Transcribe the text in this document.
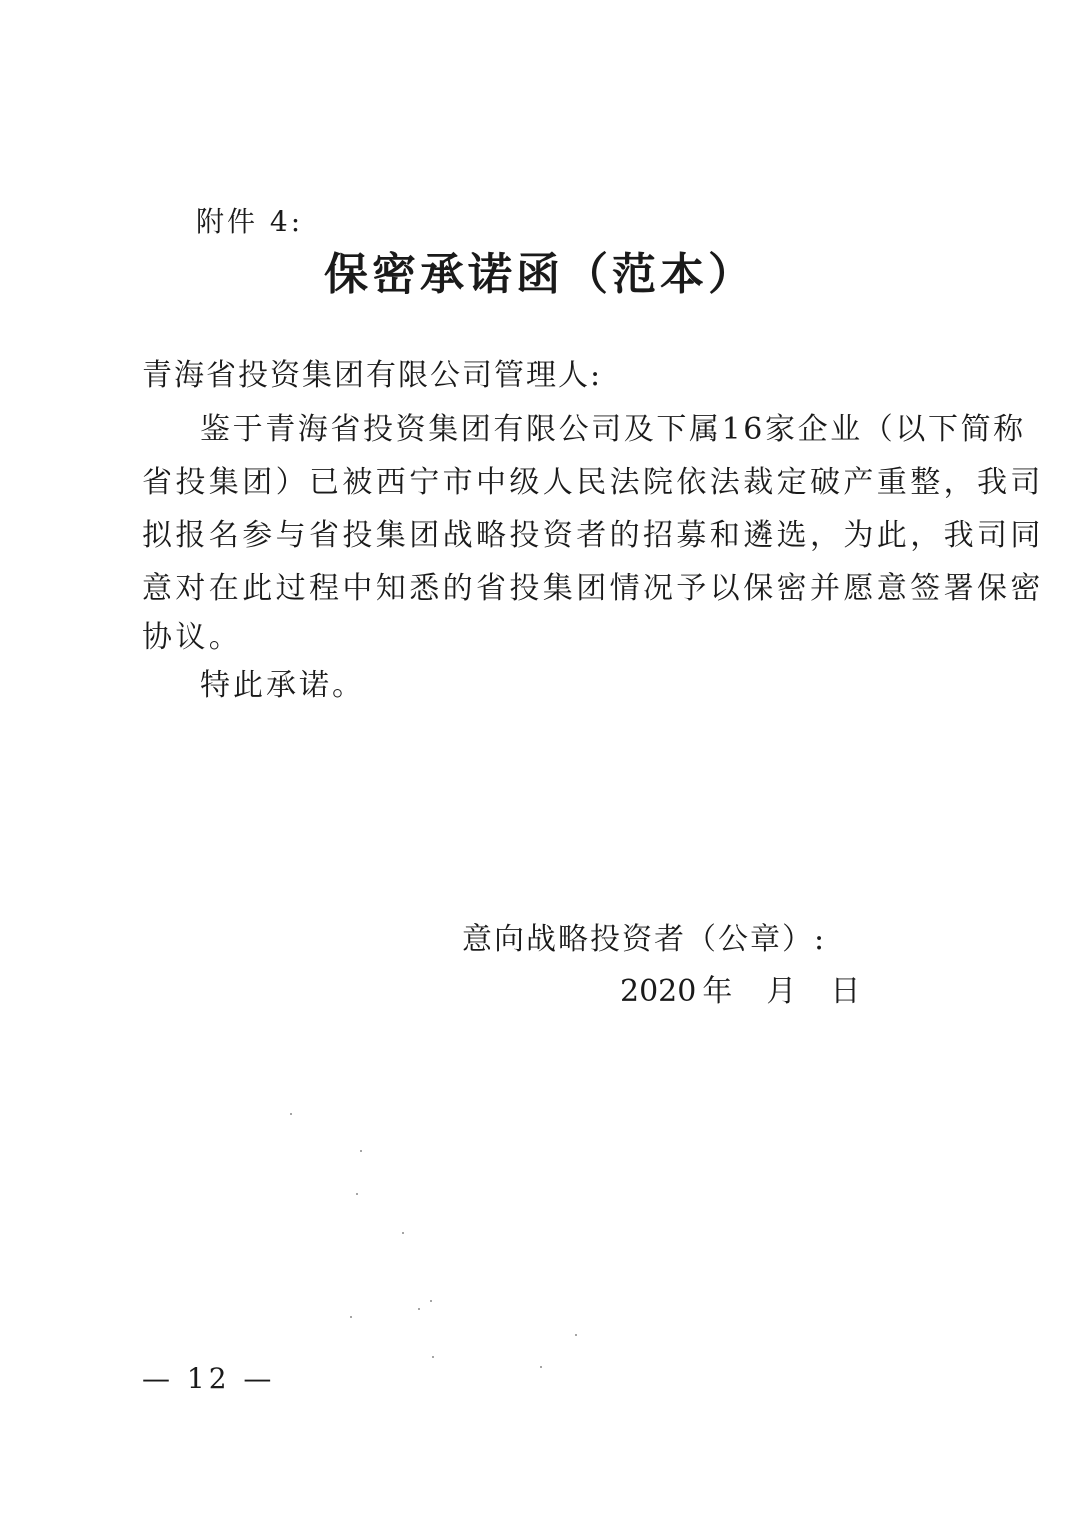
附件 4:
保密承诺函（范本）
青海省投资集团有限公司管理人:
鉴于青海省投资集团有限公司及下属16家企业（以下简称
省投集团）已被西宁市中级人民法院依法裁定破产重整，我司
拟报名参与省投集团战略投资者的招募和遴选，为此，我司同
意对在此过程中知悉的省投集团情况予以保密并愿意签署保密
协议。
特此承诺。
意向战略投资者（公章）:
2020 年 月 日
— 12 —
